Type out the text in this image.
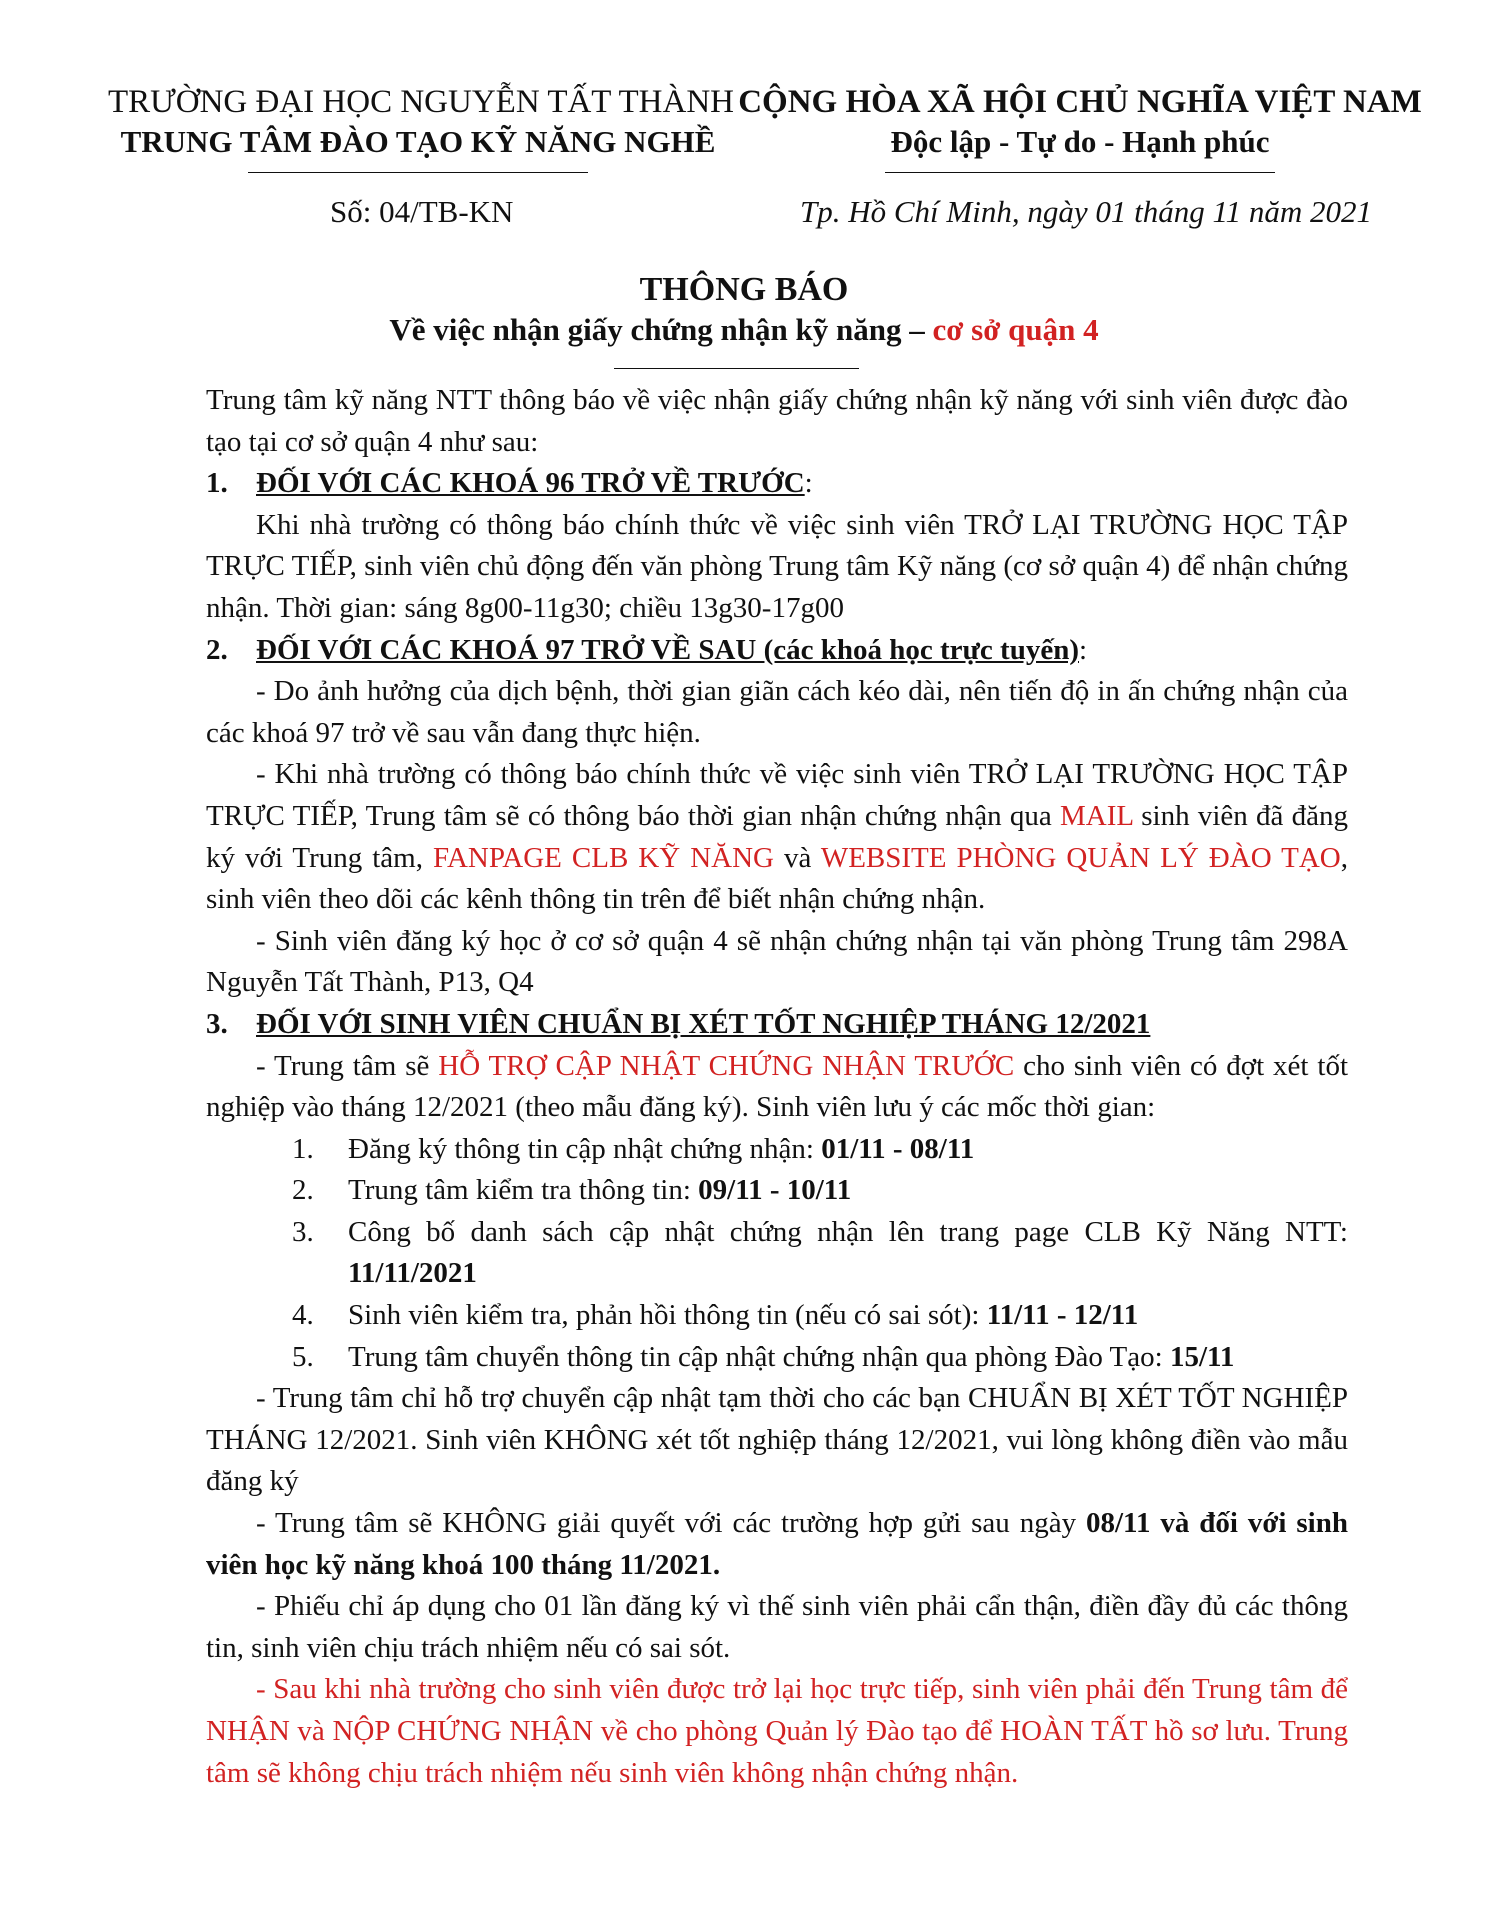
TRƯỜNG ĐẠI HỌC NGUYỄN TẤT THÀNH
TRUNG TÂM ĐÀO TẠO KỸ NĂNG NGHỀ
CỘNG HÒA XÃ HỘI CHỦ NGHĨA VIỆT NAM
Độc lập - Tự do - Hạnh phúc
Số: 04/TB-KN	Tp. Hồ Chí Minh, ngày 01 tháng 11 năm 2021
THÔNG BÁO
Về việc nhận giấy chứng nhận kỹ năng – cơ sở quận 4

Trung tâm kỹ năng NTT thông báo về việc nhận giấy chứng nhận kỹ năng với sinh viên được đào tạo tại cơ sở quận 4 như sau:

1. ĐỐI VỚI CÁC KHOÁ 96 TRỞ VỀ TRƯỚC:

Khi nhà trường có thông báo chính thức về việc sinh viên TRỞ LẠI TRƯỜNG HỌC TẬP TRỰC TIẾP, sinh viên chủ động đến văn phòng Trung tâm Kỹ năng (cơ sở quận 4) để nhận chứng nhận. Thời gian: sáng 8g00-11g30; chiều 13g30-17g00

2. ĐỐI VỚI CÁC KHOÁ 97 TRỞ VỀ SAU (các khoá học trực tuyến):

- Do ảnh hưởng của dịch bệnh, thời gian giãn cách kéo dài, nên tiến độ in ấn chứng nhận của các khoá 97 trở về sau vẫn đang thực hiện.

- Khi nhà trường có thông báo chính thức về việc sinh viên TRỞ LẠI TRƯỜNG HỌC TẬP TRỰC TIẾP, Trung tâm sẽ có thông báo thời gian nhận chứng nhận qua MAIL sinh viên đã đăng ký với Trung tâm, FANPAGE CLB KỸ NĂNG và WEBSITE PHÒNG QUẢN LÝ ĐÀO TẠO, sinh viên theo dõi các kênh thông tin trên để biết nhận chứng nhận.

- Sinh viên đăng ký học ở cơ sở quận 4 sẽ nhận chứng nhận tại văn phòng Trung tâm 298A Nguyễn Tất Thành, P13, Q4

3. ĐỐI VỚI SINH VIÊN CHUẨN BỊ XÉT TỐT NGHIỆP THÁNG 12/2021

- Trung tâm sẽ HỖ TRỢ CẬP NHẬT CHỨNG NHẬN TRƯỚC cho sinh viên có đợt xét tốt nghiệp vào tháng 12/2021 (theo mẫu đăng ký). Sinh viên lưu ý các mốc thời gian:

1.	Đăng ký thông tin cập nhật chứng nhận: 01/11 - 08/11
2.	Trung tâm kiểm tra thông tin: 09/11 - 10/11
3.	Công bố danh sách cập nhật chứng nhận lên trang page CLB Kỹ Năng NTT: 11/11/2021
4.	Sinh viên kiểm tra, phản hồi thông tin (nếu có sai sót): 11/11 - 12/11
5.	Trung tâm chuyển thông tin cập nhật chứng nhận qua phòng Đào Tạo: 15/11

- Trung tâm chỉ hỗ trợ chuyển cập nhật tạm thời cho các bạn CHUẨN BỊ XÉT TỐT NGHIỆP THÁNG 12/2021. Sinh viên KHÔNG xét tốt nghiệp tháng 12/2021, vui lòng không điền vào mẫu đăng ký

- Trung tâm sẽ KHÔNG giải quyết với các trường hợp gửi sau ngày 08/11 và đối với sinh viên học kỹ năng khoá 100 tháng 11/2021.

- Phiếu chỉ áp dụng cho 01 lần đăng ký vì thế sinh viên phải cẩn thận, điền đầy đủ các thông tin, sinh viên chịu trách nhiệm nếu có sai sót.

- Sau khi nhà trường cho sinh viên được trở lại học trực tiếp, sinh viên phải đến Trung tâm để NHẬN và NỘP CHỨNG NHẬN về cho phòng Quản lý Đào tạo để HOÀN TẤT hồ sơ lưu. Trung tâm sẽ không chịu trách nhiệm nếu sinh viên không nhận chứng nhận.
